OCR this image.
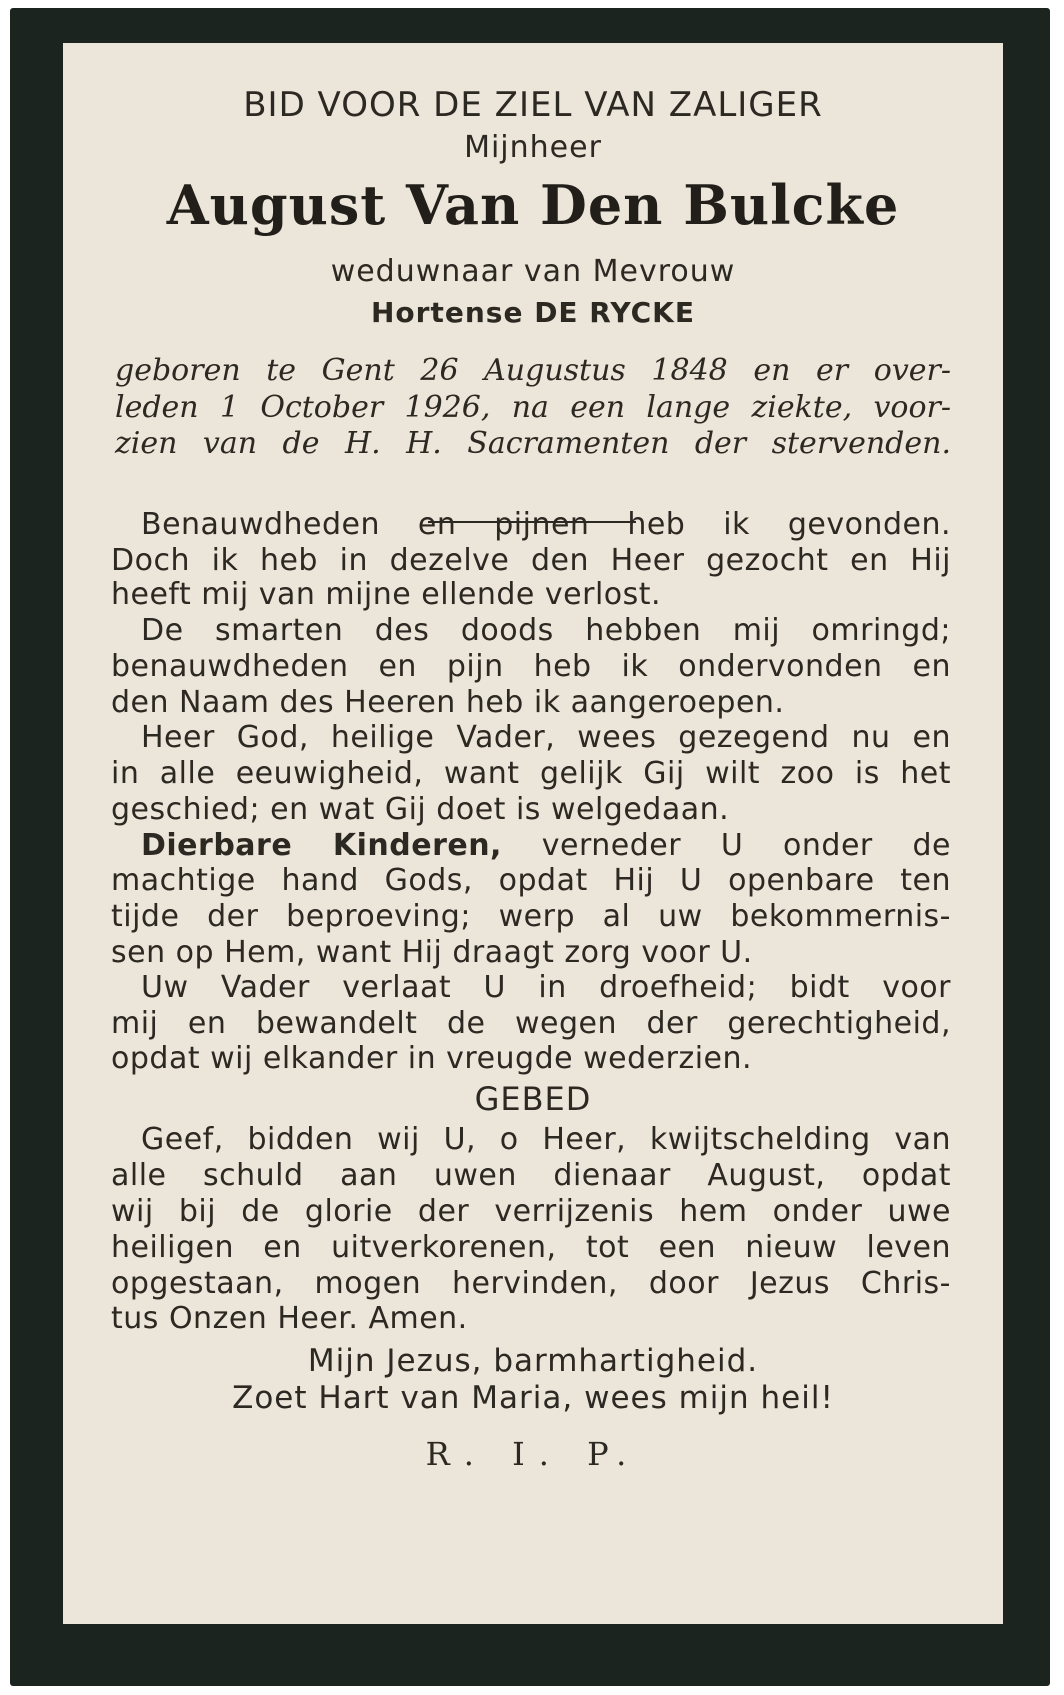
BID VOOR DE ZIEL VAN ZALIGER
Mijnheer
August Van Den Bulcke
weduwnaar van Mevrouw
Hortense DE RYCKE
geboren te Gent 26 Augustus 1848 en er over-
leden 1 October 1926, na een lange ziekte, voor-
zien van de H. H. Sacramenten der stervenden.
Benauwdheden en pijnen heb ik gevonden.
Doch ik heb in dezelve den Heer gezocht en Hij
heeft mij van mijne ellende verlost.
De smarten des doods hebben mij omringd;
benauwdheden en pijn heb ik ondervonden en
den Naam des Heeren heb ik aangeroepen.
Heer God, heilige Vader, wees gezegend nu en
in alle eeuwigheid, want gelijk Gij wilt zoo is het
geschied; en wat Gij doet is welgedaan.
Dierbare Kinderen, verneder U onder de
machtige hand Gods, opdat Hij U openbare ten
tijde der beproeving; werp al uw bekommernis-
sen op Hem, want Hij draagt zorg voor U.
Uw Vader verlaat U in droefheid; bidt voor
mij en bewandelt de wegen der gerechtigheid,
opdat wij elkander in vreugde wederzien.
GEBED
Geef, bidden wij U, o Heer, kwijtschelding van
alle schuld aan uwen dienaar August, opdat
wij bij de glorie der verrijzenis hem onder uwe
heiligen en uitverkorenen, tot een nieuw leven
opgestaan, mogen hervinden, door Jezus Chris-
tus Onzen Heer. Amen.
Mijn Jezus, barmhartigheid.
Zoet Hart van Maria, wees mijn heil!
R. I. P.
